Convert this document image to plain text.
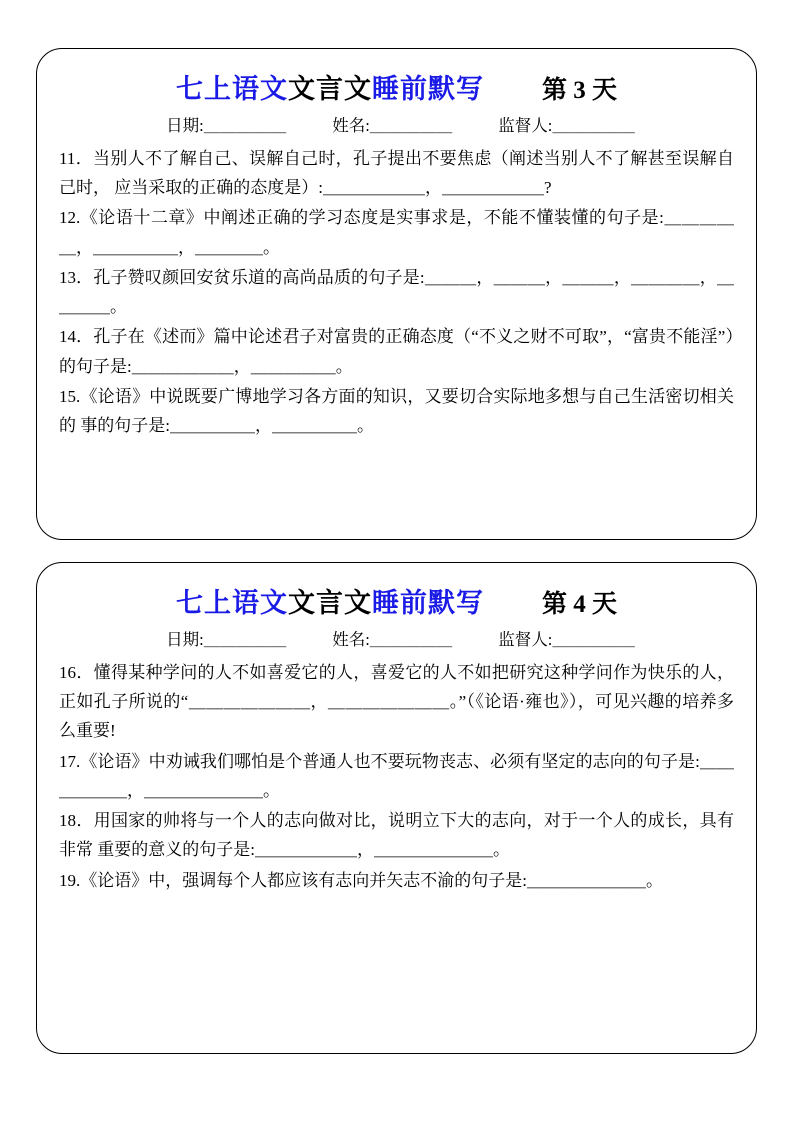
七上语文文言文睡前默写 第 3 天
日期:＿＿＿＿＿	姓名:＿＿＿＿＿	监督人:＿＿＿＿＿

11．当别人不了解自己、误解自己时，孔子提出不要焦虑（阐述当别人不了解甚至误解自己时， 应当采取的正确的态度是）:＿＿＿＿＿＿，＿＿＿＿＿＿?

12.《论语十二章》中阐述正确的学习态度是实事求是，不能不懂装懂的句子是:＿＿＿＿＿，＿＿＿＿＿，＿＿＿＿。

13．孔子赞叹颜回安贫乐道的高尚品质的句子是:＿＿＿，＿＿＿，＿＿＿，＿＿＿＿，＿＿＿＿。

14．孔子在《述而》篇中论述君子对富贵的正确态度（“不义之财不可取”，“富贵不能淫”）的句子是:＿＿＿＿＿＿，＿＿＿＿＿。

15.《论语》中说既要广博地学习各方面的知识，又要切合实际地多想与自己生活密切相关的 事的句子是:＿＿＿＿＿，＿＿＿＿＿。

七上语文文言文睡前默写 第 4 天
日期:＿＿＿＿＿	姓名:＿＿＿＿＿	监督人:＿＿＿＿＿

16．懂得某种学问的人不如喜爱它的人，喜爱它的人不如把研究这种学问作为快乐的人，正如孔子所说的“＿＿＿＿＿＿＿，＿＿＿＿＿＿＿。”（《论语·雍也》），可见兴趣的培养多么重要!

17.《论语》中劝诫我们哪怕是个普通人也不要玩物丧志、必须有坚定的志向的句子是:＿＿＿＿＿＿，＿＿＿＿＿＿＿。

18．用国家的帅将与一个人的志向做对比，说明立下大的志向，对于一个人的成长，具有非常 重要的意义的句子是:＿＿＿＿＿＿，＿＿＿＿＿＿＿。

19.《论语》中，强调每个人都应该有志向并矢志不渝的句子是:＿＿＿＿＿＿＿。
